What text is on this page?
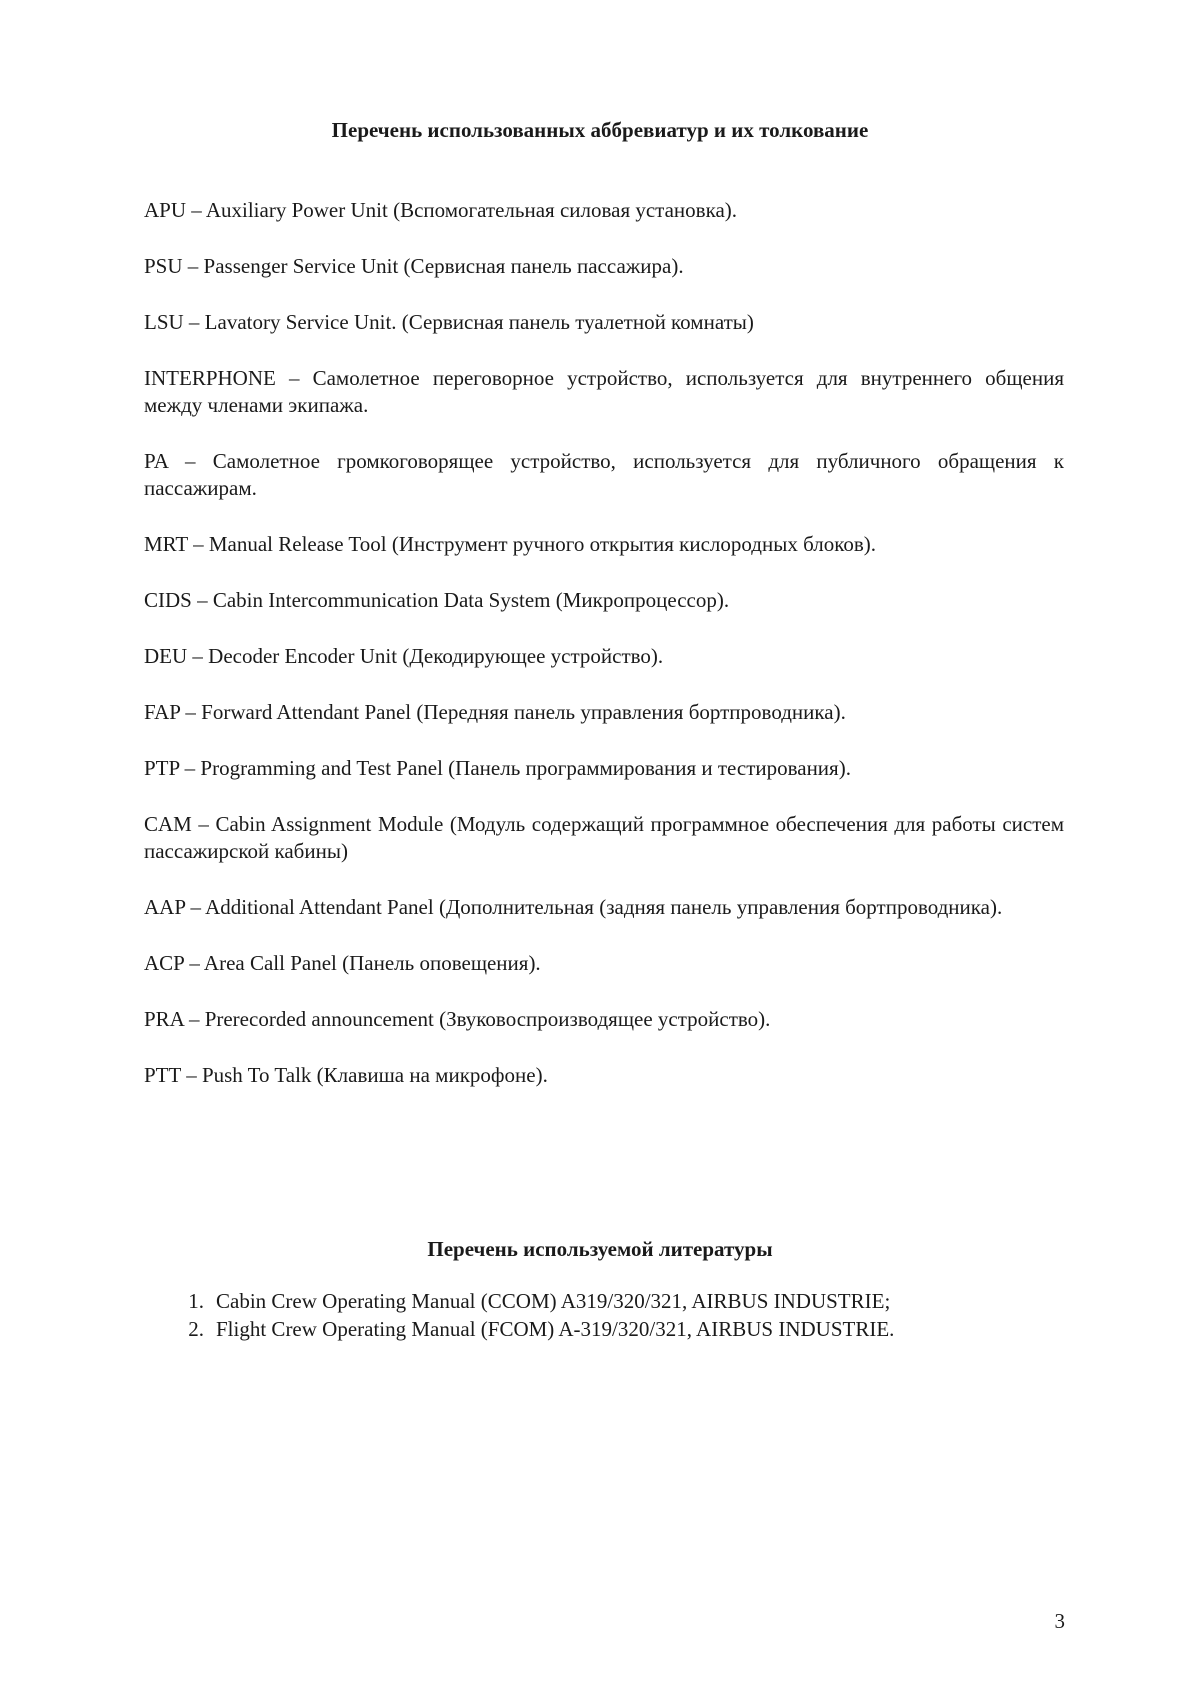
Перечень использованных аббревиатур и их толкование
APU – Auxiliary Power Unit (Вспомогательная силовая установка).
PSU – Passenger Service Unit (Сервисная панель пассажира).
LSU – Lavatory Service Unit. (Сервисная панель туалетной комнаты)
INTERPHONE – Самолетное переговорное устройство, используется для внутреннего общения между членами экипажа.
PA – Самолетное громкоговорящее устройство, используется для публичного обращения к пассажирам.
MRT – Manual Release Tool (Инструмент ручного открытия кислородных блоков).
CIDS – Cabin Intercommunication Data System (Микропроцессор).
DEU – Decoder Encoder Unit (Декодирующее устройство).
FAP – Forward Attendant Panel (Передняя панель управления бортпроводника).
PTP – Programming and Test Panel (Панель программирования и тестирования).
CAM – Cabin Assignment Module (Модуль содержащий программное обеспечения для работы систем пассажирской кабины)
AAP – Additional Attendant Panel (Дополнительная (задняя панель управления бортпроводника).
ACP – Area Call Panel (Панель оповещения).
PRA – Prerecorded announcement (Звуковоспроизводящее устройство).
PTT – Push To Talk (Клавиша на микрофоне).
Перечень используемой литературы
1. Cabin Crew Operating Manual (CCOM) A319/320/321, AIRBUS INDUSTRIE;
2. Flight Crew Operating Manual (FCOM) A-319/320/321, AIRBUS INDUSTRIE.
3
